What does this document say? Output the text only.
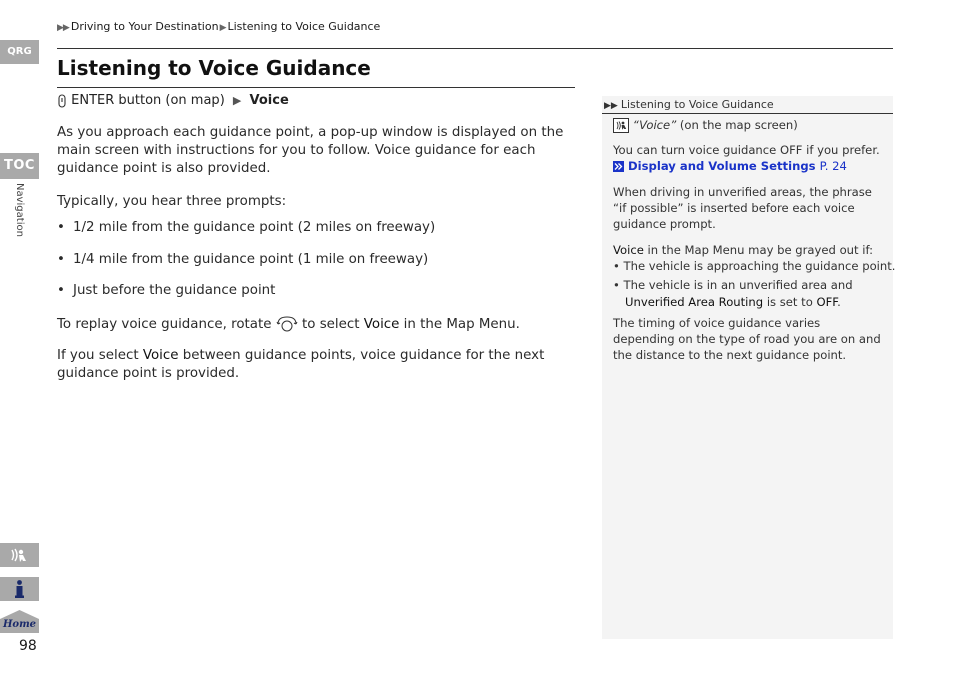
▶▶ Driving to Your Destination▶ Listening to Voice Guidance
QRG
TOC
Navigation
Home
98
Listening to Voice Guidance
ENTER button (on map) ▶ Voice

As you approach each guidance point, a pop-up window is displayed on the main screen with instructions for you to follow. Voice guidance for each guidance point is also provided.

Typically, you hear three prompts:

• 1/2 mile from the guidance point (2 miles on freeway)
• 1/4 mile from the guidance point (1 mile on freeway)
• Just before the guidance point

To replay voice guidance, rotate to select Voice in the Map Menu.

If you select Voice between guidance points, voice guidance for the next guidance point is provided.

▶▶ Listening to Voice Guidance
“Voice” (on the map screen)

You can turn voice guidance OFF if you prefer.

Display and Volume Settings P. 24

When driving in unverified areas, the phrase “if possible” is inserted before each voice guidance prompt.

Voice in the Map Menu may be grayed out if:

• The vehicle is approaching the guidance point.
• The vehicle is in an unverified area and
Unverified Area Routing is set to OFF.

The timing of voice guidance varies depending on the type of road you are on and the distance to the next guidance point.
